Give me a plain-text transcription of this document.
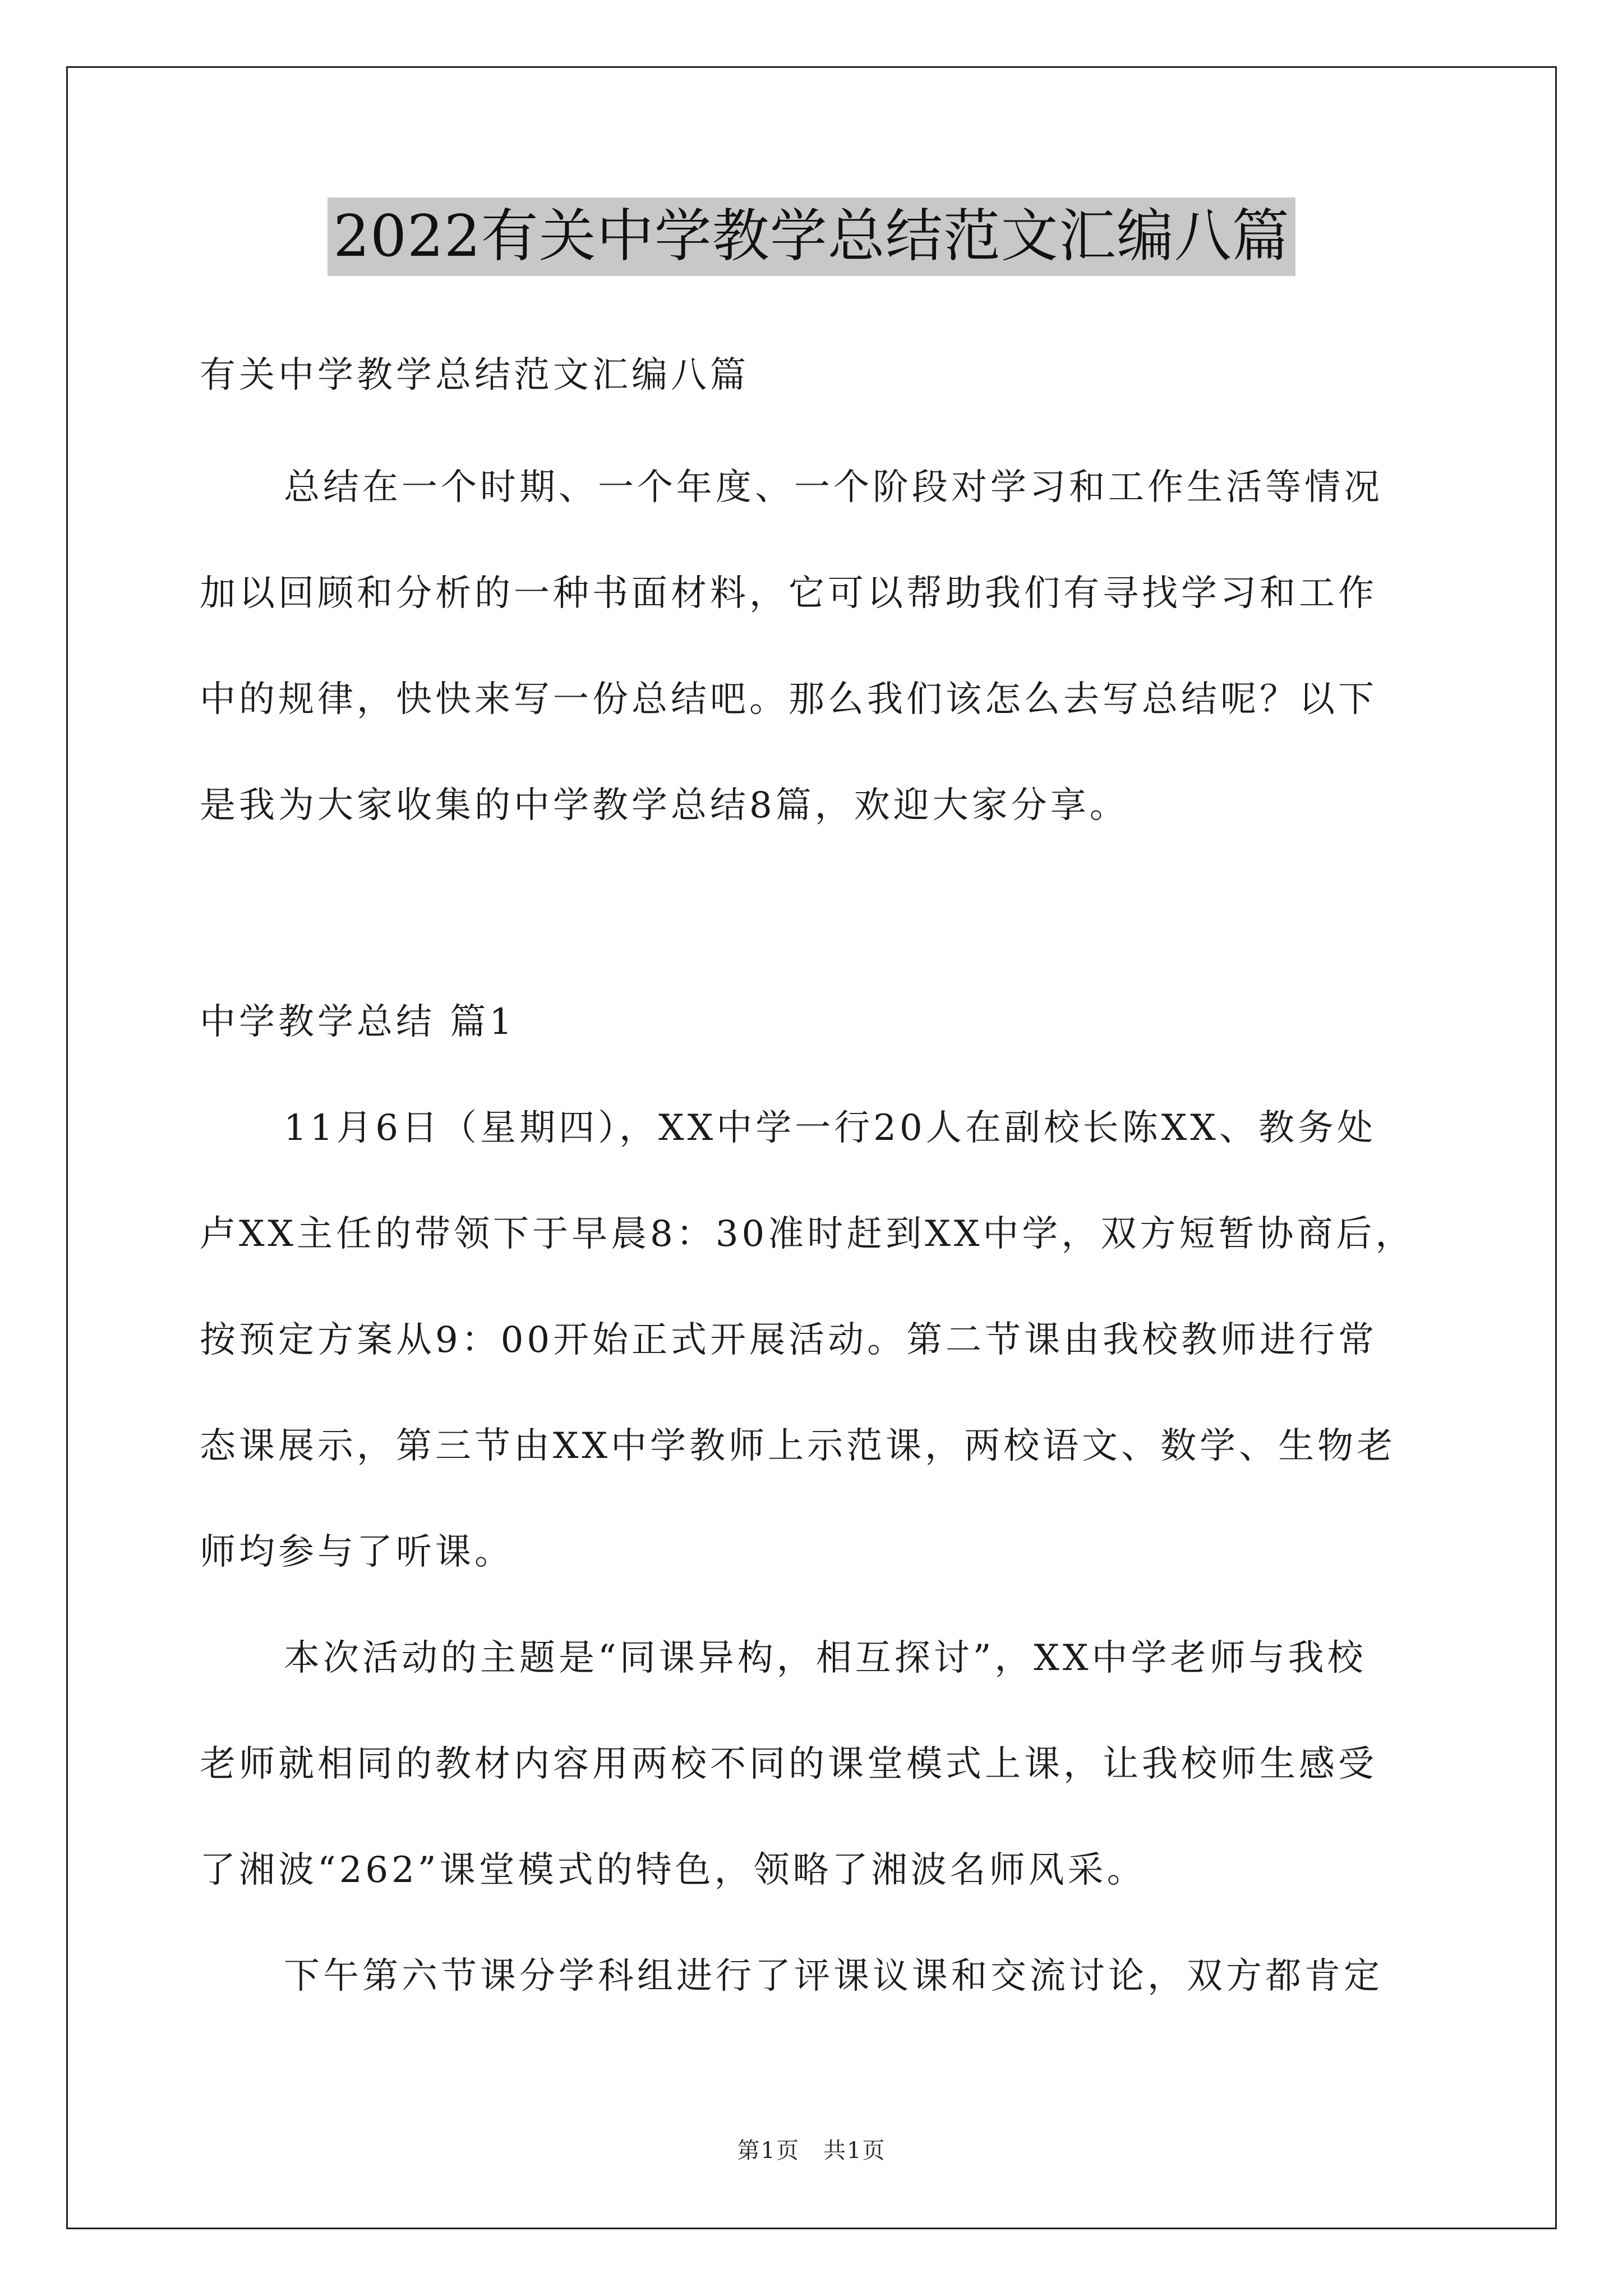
2022有关中学教学总结范文汇编八篇
有关中学教学总结范文汇编八篇
总结在一个时期、一个年度、一个阶段对学习和工作生活等情况
加以回顾和分析的一种书面材料，它可以帮助我们有寻找学习和工作
中的规律，快快来写一份总结吧。那么我们该怎么去写总结呢？以下
是我为大家收集的中学教学总结8篇，欢迎大家分享。
中学教学总结 篇1
11月6日（星期四），XX中学一行20人在副校长陈XX、教务处
卢XX主任的带领下于早晨8：30准时赶到XX中学，双方短暂协商后，
按预定方案从9：00开始正式开展活动。第二节课由我校教师进行常
态课展示，第三节由XX中学教师上示范课，两校语文、数学、生物老
师均参与了听课。
本次活动的主题是“同课异构，相互探讨”，XX中学老师与我校
老师就相同的教材内容用两校不同的课堂模式上课，让我校师生感受
了湘波“262”课堂模式的特色，领略了湘波名师风采。
下午第六节课分学科组进行了评课议课和交流讨论，双方都肯定
第1页　共1页
